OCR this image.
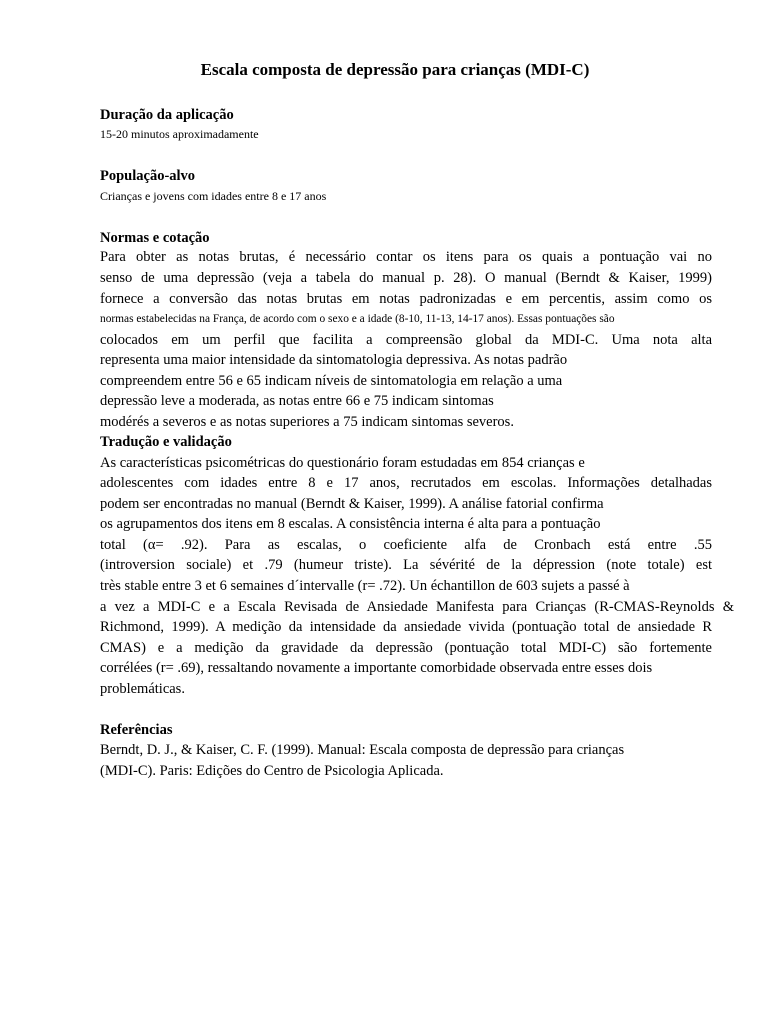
Escala composta de depressão para crianças (MDI-C)
Duração da aplicação
15-20 minutos aproximadamente
População-alvo
Crianças e jovens com idades entre 8 e 17 anos
Normas e cotação
Para obter as notas brutas, é necessário contar os itens para os quais a pontuação vai no
senso de uma depressão (veja a tabela do manual p. 28). O manual (Berndt & Kaiser, 1999)
fornece a conversão das notas brutas em notas padronizadas e em percentis, assim como os
normas estabelecidas na França, de acordo com o sexo e a idade (8-10, 11-13, 14-17 anos). Essas pontuações são
colocados em um perfil que facilita a compreensão global da MDI-C. Uma nota alta
representa uma maior intensidade da sintomatologia depressiva. As notas padrão
compreendem entre 56 e 65 indicam níveis de sintomatologia em relação a uma
depressão leve a moderada, as notas entre 66 e 75 indicam sintomas
modérés a severos e as notas superiores a 75 indicam sintomas severos.
Tradução e validação
As características psicométricas do questionário foram estudadas em 854 crianças e
adolescentes com idades entre 8 e 17 anos, recrutados em escolas. Informações detalhadas
podem ser encontradas no manual (Berndt & Kaiser, 1999). A análise fatorial confirma
os agrupamentos dos itens em 8 escalas. A consistência interna é alta para a pontuação
total (α= .92). Para as escalas, o coeficiente alfa de Cronbach está entre .55
(introversion sociale) et .79 (humeur triste). La sévérité de la dépression (note totale) est
très stable entre 3 et 6 semaines d´intervalle (r= .72). Un échantillon de 603 sujets a passé à
a vez a MDI-C e a Escala Revisada de Ansiedade Manifesta para Crianças (R-CMAS-Reynolds &
Richmond, 1999). A medição da intensidade da ansiedade vivida (pontuação total de ansiedade R
CMAS) e a medição da gravidade da depressão (pontuação total MDI-C) são fortemente
corrélées (r= .69), ressaltando novamente a importante comorbidade observada entre esses dois
problemáticas.
Referências
Berndt, D. J., & Kaiser, C. F. (1999). Manual: Escala composta de depressão para crianças
(MDI-C). Paris: Edições do Centro de Psicologia Aplicada.
